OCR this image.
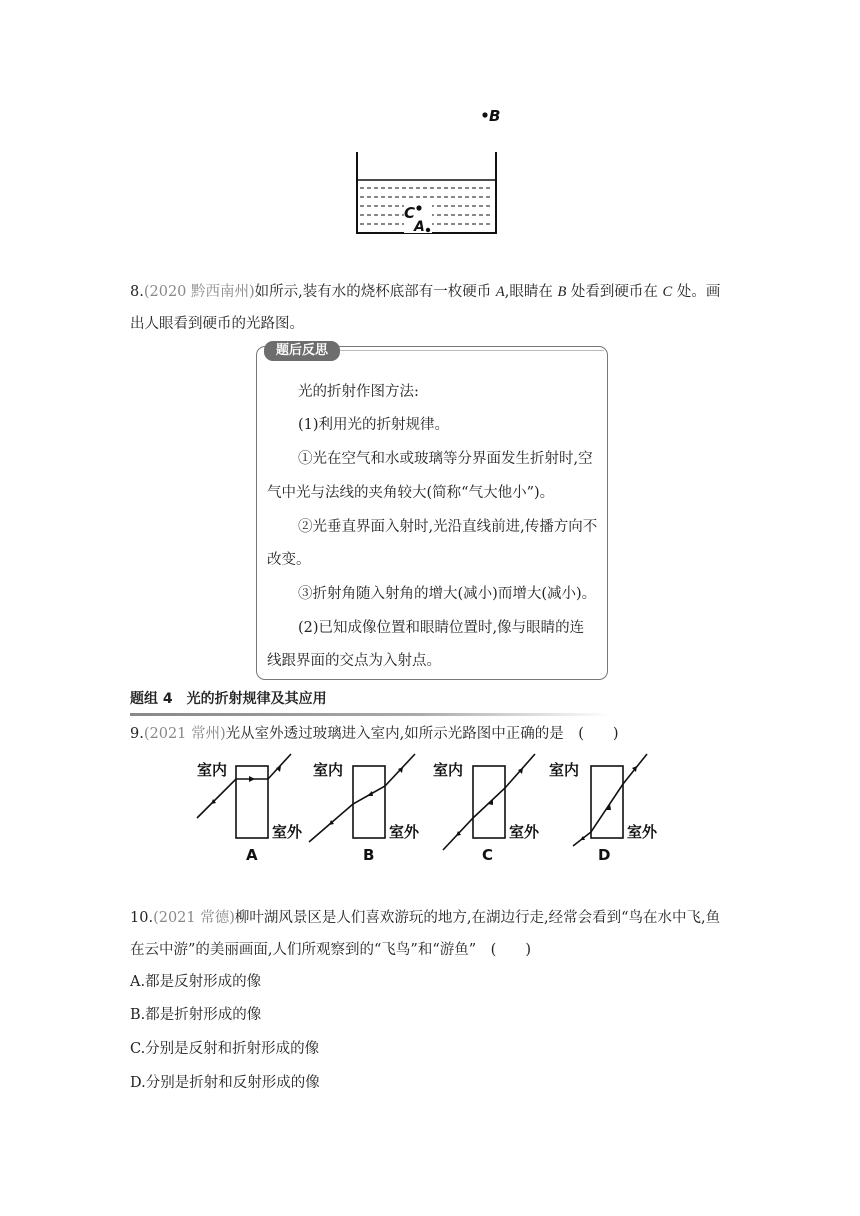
B
C
A
8.(2020 黔西南州)如所示,装有水的烧杯底部有一枚硬币 A,眼睛在 B 处看到硬币在 C 处。画
出人眼看到硬币的光路图。
题后反思
光的折射作图方法:
(1)利用光的折射规律。
①光在空气和水或玻璃等分界面发生折射时,空
气中光与法线的夹角较大(简称“气大他小”)。
②光垂直界面入射时,光沿直线前进,传播方向不
改变。
③折射角随入射角的增大(减小)而增大(减小)。
(2)已知成像位置和眼睛位置时,像与眼睛的连
线跟界面的交点为入射点。
题组 4　光的折射规律及其应用
9.(2021 常州)光从室外透过玻璃进入室内,如所示光路图中正确的是　(　　)
室内
室外
A
室内
室外
B
室内
室外
C
室内
室外
D
10.(2021 常德)柳叶湖风景区是人们喜欢游玩的地方,在湖边行走,经常会看到“鸟在水中飞,鱼
在云中游”的美丽画面,人们所观察到的“飞鸟”和“游鱼”　(　　)
A.都是反射形成的像
B.都是折射形成的像
C.分别是反射和折射形成的像
D.分别是折射和反射形成的像
